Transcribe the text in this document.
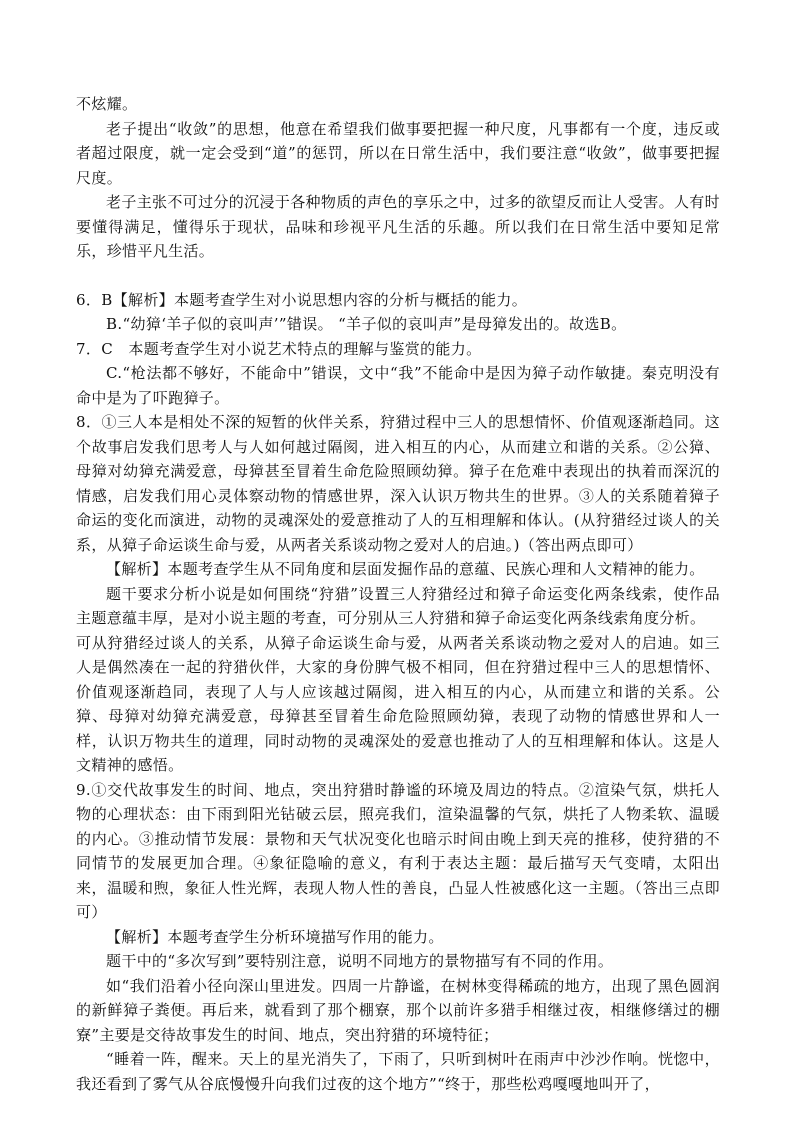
不炫耀。

老子提出“收敛”的思想，他意在希望我们做事要把握一种尺度，凡事都有一个度，违反或者超过限度，就一定会受到“道”的惩罚，所以在日常生活中，我们要注意“收敛”，做事要把握尺度。

老子主张不可过分的沉浸于各种物质的声色的享乐之中，过多的欲望反而让人受害。人有时要懂得满足，懂得乐于现状，品味和珍视平凡生活的乐趣。所以我们在日常生活中要知足常乐，珍惜平凡生活。

6．B【解析】本题考查学生对小说思想内容的分析与概括的能力。

B.“幼獐‘羊子似的哀叫声’”错误。 “羊子似的哀叫声”是母獐发出的。故选B。

7．C　本题考查学生对小说艺术特点的理解与鉴赏的能力。

C.“枪法都不够好，不能命中”错误，文中“我”不能命中是因为獐子动作敏捷。秦克明没有命中是为了吓跑獐子。

8．①三人本是相处不深的短暂的伙伴关系，狩猎过程中三人的思想情怀、价值观逐渐趋同。这个故事启发我们思考人与人如何越过隔阂，进入相互的内心，从而建立和谐的关系。②公獐、母獐对幼獐充满爱意，母獐甚至冒着生命危险照顾幼獐。獐子在危难中表现出的执着而深沉的情感，启发我们用心灵体察动物的情感世界，深入认识万物共生的世界。③人的关系随着獐子命运的变化而演进，动物的灵魂深处的爱意推动了人的互相理解和体认。(从狩猎经过谈人的关系，从獐子命运谈生命与爱，从两者关系谈动物之爱对人的启迪。)（答出两点即可）

【解析】本题考查学生从不同角度和层面发掘作品的意蕴、民族心理和人文精神的能力。

题干要求分析小说是如何围绕“狩猎”设置三人狩猎经过和獐子命运变化两条线索，使作品主题意蕴丰厚，是对小说主题的考查，可分别从三人狩猎和獐子命运变化两条线索角度分析。

可从狩猎经过谈人的关系，从獐子命运谈生命与爱，从两者关系谈动物之爱对人的启迪。如三人是偶然凑在一起的狩猎伙伴，大家的身份脾气极不相同，但在狩猎过程中三人的思想情怀、价值观逐渐趋同，表现了人与人应该越过隔阂，进入相互的内心，从而建立和谐的关系。公獐、母獐对幼獐充满爱意，母獐甚至冒着生命危险照顾幼獐，表现了动物的情感世界和人一样，认识万物共生的道理，同时动物的灵魂深处的爱意也推动了人的互相理解和体认。这是人文精神的感悟。

9.①交代故事发生的时间、地点，突出狩猎时静谧的环境及周边的特点。②渲染气氛，烘托人物的心理状态：由下雨到阳光钻破云层，照亮我们，渲染温馨的气氛，烘托了人物柔软、温暖的内心。③推动情节发展：景物和天气状况变化也暗示时间由晚上到天亮的推移，使狩猎的不同情节的发展更加合理。④象征隐喻的意义，有利于表达主题：最后描写天气变晴，太阳出来，温暖和煦，象征人性光辉，表现人物人性的善良，凸显人性被感化这一主题。（答出三点即可）

【解析】本题考查学生分析环境描写作用的能力。

题干中的“多次写到”要特别注意，说明不同地方的景物描写有不同的作用。

如“我们沿着小径向深山里进发。四周一片静谧，在树林变得稀疏的地方，出现了黑色圆润的新鲜獐子粪便。再后来，就看到了那个棚寮，那个以前许多猎手相继过夜，相继修缮过的棚寮”主要是交待故事发生的时间、地点，突出狩猎的环境特征；

“睡着一阵，醒来。天上的星光消失了，下雨了，只听到树叶在雨声中沙沙作响。恍惚中，我还看到了雾气从谷底慢慢升向我们过夜的这个地方”“终于，那些松鸡嘎嘎地叫开了，
